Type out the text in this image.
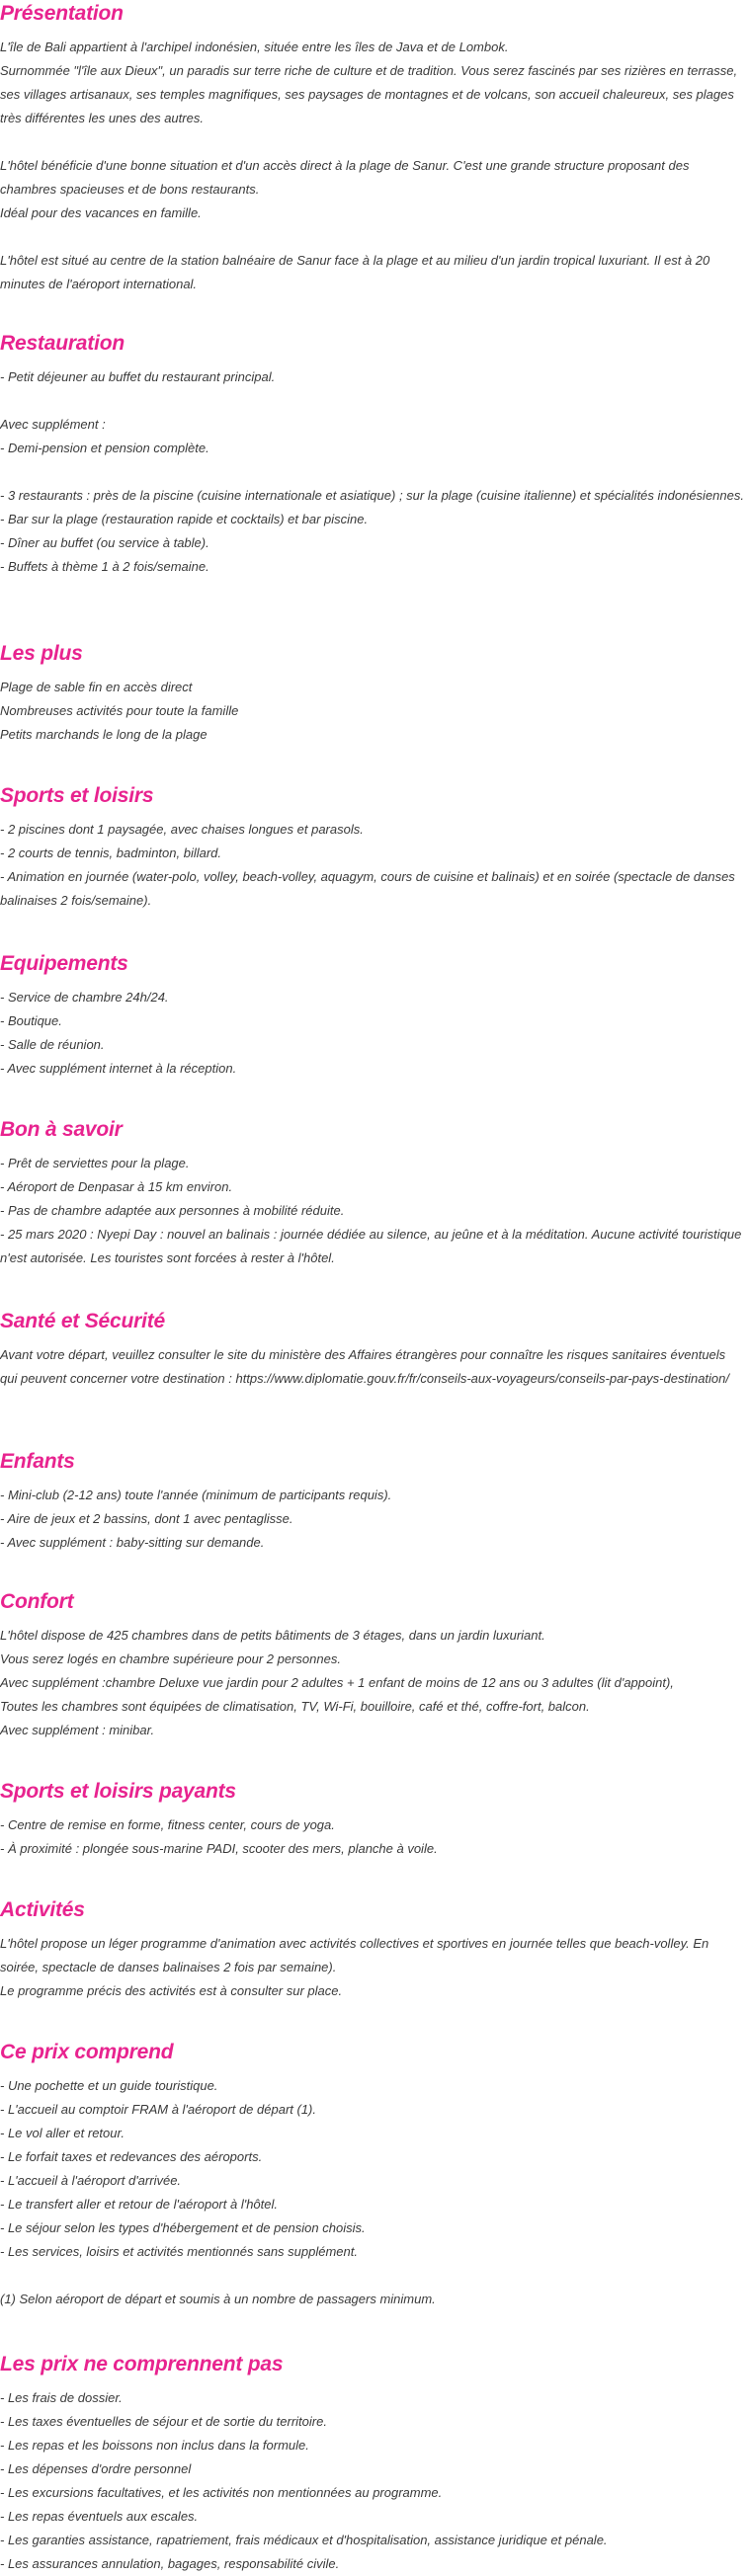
Présentation
L'île de Bali appartient à l'archipel indonésien, située entre les îles de Java et de Lombok.
Surnommée "l'île aux Dieux", un paradis sur terre riche de culture et de tradition. Vous serez fascinés par ses rizières en terrasse, ses villages artisanaux, ses temples magnifiques, ses paysages de montagnes et de volcans, son accueil chaleureux, ses plages très différentes les unes des autres.
L'hôtel bénéficie d'une bonne situation et d'un accès direct à la plage de Sanur. C'est une grande structure proposant des chambres spacieuses et de bons restaurants.
Idéal pour des vacances en famille.
L'hôtel est situé au centre de la station balnéaire de Sanur face à la plage et au milieu d'un jardin tropical luxuriant. Il est à 20 minutes de l'aéroport international.
Restauration
- Petit déjeuner au buffet du restaurant principal.
Avec supplément :
- Demi-pension et pension complète.
- 3 restaurants : près de la piscine (cuisine internationale et asiatique) ; sur la plage (cuisine italienne) et spécialités indonésiennes.
- Bar sur la plage (restauration rapide et cocktails) et bar piscine.
- Dîner au buffet (ou service à table).
- Buffets à thème 1 à 2 fois/semaine.
Les plus
Plage de sable fin en accès direct
Nombreuses activités pour toute la famille
Petits marchands le long de la plage
Sports et loisirs
- 2 piscines dont 1 paysagée, avec chaises longues et parasols.
- 2 courts de tennis, badminton, billard.
- Animation en journée (water-polo, volley, beach-volley, aquagym, cours de cuisine et balinais) et en soirée (spectacle de danses balinaises 2 fois/semaine).
Equipements
- Service de chambre 24h/24.
- Boutique.
- Salle de réunion.
- Avec supplément internet à la réception.
Bon à savoir
- Prêt de serviettes pour la plage.
- Aéroport de Denpasar à 15 km environ.
- Pas de chambre adaptée aux personnes à mobilité réduite.
- 25 mars 2020 : Nyepi Day : nouvel an balinais : journée dédiée au silence, au jeûne et à la méditation. Aucune activité touristique n'est autorisée. Les touristes sont forcées à rester à l'hôtel.
Santé et Sécurité
Avant votre départ, veuillez consulter le site du ministère des Affaires étrangères pour connaître les risques sanitaires éventuels qui peuvent concerner votre destination : https://www.diplomatie.gouv.fr/fr/conseils-aux-voyageurs/conseils-par-pays-destination/
Enfants
- Mini-club (2-12 ans) toute l'année (minimum de participants requis).
- Aire de jeux et 2 bassins, dont 1 avec pentaglisse.
- Avec supplément : baby-sitting sur demande.
Confort
L'hôtel dispose de 425 chambres dans de petits bâtiments de 3 étages, dans un jardin luxuriant.
Vous serez logés en chambre supérieure pour 2 personnes.
Avec supplément :chambre Deluxe vue jardin pour 2 adultes + 1 enfant de moins de 12 ans ou 3 adultes (lit d'appoint),
Toutes les chambres sont équipées de climatisation, TV, Wi-Fi, bouilloire, café et thé, coffre-fort, balcon.
Avec supplément : minibar.
Sports et loisirs payants
- Centre de remise en forme, fitness center, cours de yoga.
- À proximité : plongée sous-marine PADI, scooter des mers, planche à voile.
Activités
L'hôtel propose un léger programme d'animation avec activités collectives et sportives en journée telles que beach-volley. En soirée, spectacle de danses balinaises 2 fois par semaine).
Le programme précis des activités est à consulter sur place.
Ce prix comprend
- Une pochette et un guide touristique.
- L'accueil au comptoir FRAM à l'aéroport de départ (1).
- Le vol aller et retour.
- Le forfait taxes et redevances des aéroports.
- L'accueil à l'aéroport d'arrivée.
- Le transfert aller et retour de l'aéroport à l'hôtel.
- Le séjour selon les types d'hébergement et de pension choisis.
- Les services, loisirs et activités mentionnés sans supplément.
(1) Selon aéroport de départ et soumis à un nombre de passagers minimum.
Les prix ne comprennent pas
- Les frais de dossier.
- Les taxes éventuelles de séjour et de sortie du territoire.
- Les repas et les boissons non inclus dans la formule.
- Les dépenses d'ordre personnel
- Les excursions facultatives, et les activités non mentionnées au programme.
- Les repas éventuels aux escales.
- Les garanties assistance, rapatriement, frais médicaux et d'hospitalisation, assistance juridique et pénale.
- Les assurances annulation, bagages, responsabilité civile.
